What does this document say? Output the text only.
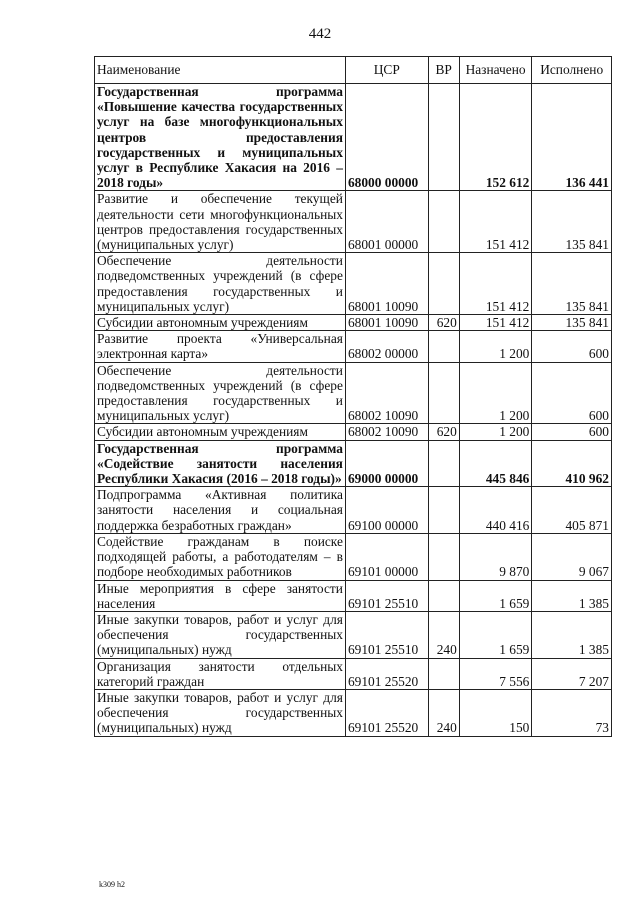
442
Наименование	ЦСР	ВР	Назначено	Исполнено
Государственная программа «Повышение качества государственных услуг на базе многофункциональных центров предоставления государственных и муниципальных услуг в Республике Хакасия на 2016 – 2018 годы»	68000 00000		152 612	136 441
Развитие и обеспечение текущей деятельности сети многофункциональных центров предоставления государственных (муниципальных услуг)	68001 00000		151 412	135 841
Обеспечение деятельности подведомственных учреждений (в сфере предоставления государственных и муниципальных услуг)	68001 10090		151 412	135 841
Субсидии автономным учреждениям	68001 10090	620	151 412	135 841
Развитие проекта «Универсальная электронная карта»	68002 00000		1 200	600
Обеспечение деятельности подведомственных учреждений (в сфере предоставления государственных и муниципальных услуг)	68002 10090		1 200	600
Субсидии автономным учреждениям	68002 10090	620	1 200	600
Государственная программа «Содействие занятости населения Республики Хакасия (2016 – 2018 годы)»	69000 00000		445 846	410 962
Подпрограмма «Активная политика занятости населения и социальная поддержка безработных граждан»	69100 00000		440 416	405 871
Содействие гражданам в поиске подходящей работы, а работодателям – в подборе необходимых работников	69101 00000		9 870	9 067
Иные мероприятия в сфере занятости населения	69101 25510		1 659	1 385
Иные закупки товаров, работ и услуг для обеспечения государственных (муниципальных) нужд	69101 25510	240	1 659	1 385
Организация занятости отдельных категорий граждан	69101 25520		7 556	7 207
Иные закупки товаров, работ и услуг для обеспечения государственных (муниципальных) нужд	69101 25520	240	150	73
k309 h2
